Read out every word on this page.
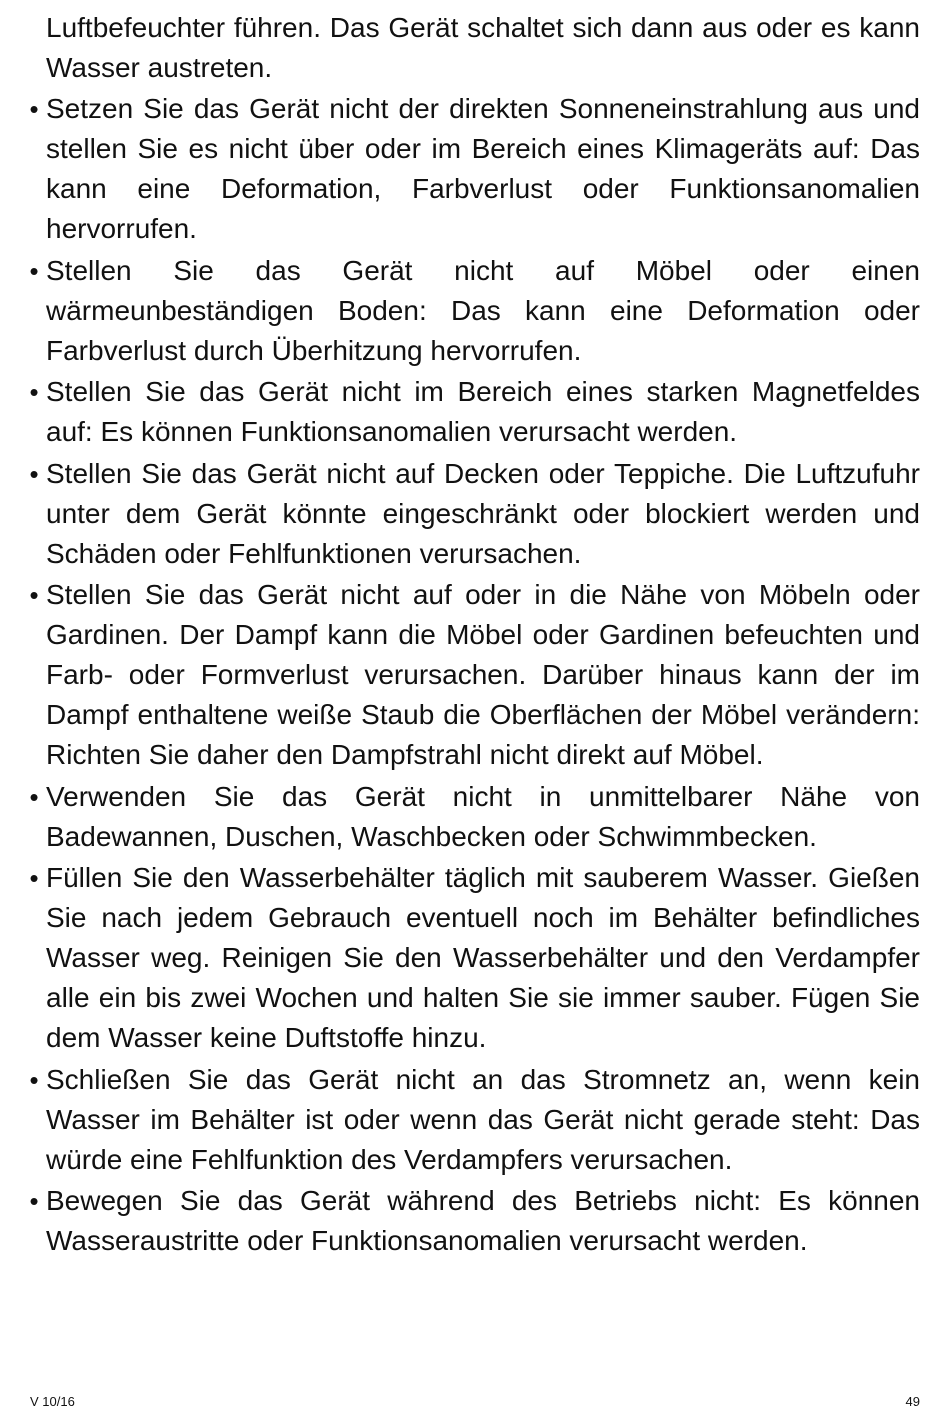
Luftbefeuchter führen. Das Gerät schaltet sich dann aus oder es kann Wasser austreten.

• Setzen Sie das Gerät nicht der direkten Sonneneinstrahlung aus und stellen Sie es nicht über oder im Bereich eines Klimageräts auf: Das kann eine Deformation, Farbverlust oder Funktionsanomalien hervorrufen.
• Stellen Sie das Gerät nicht auf Möbel oder einen wärmeunbeständigen Boden: Das kann eine Deformation oder Farbverlust durch Überhitzung hervorrufen.
• Stellen Sie das Gerät nicht im Bereich eines starken Magnetfeldes auf: Es können Funktionsanomalien verursacht werden.
• Stellen Sie das Gerät nicht auf Decken oder Teppiche. Die Luftzufuhr unter dem Gerät könnte eingeschränkt oder blockiert werden und Schäden oder Fehlfunktionen verursachen.
• Stellen Sie das Gerät nicht auf oder in die Nähe von Möbeln oder Gardinen. Der Dampf kann die Möbel oder Gardinen befeuchten und Farb- oder Formverlust verursachen. Darüber hinaus kann der im Dampf enthaltene weiße Staub die Oberflächen der Möbel verändern: Richten Sie daher den Dampfstrahl nicht direkt auf Möbel.
• Verwenden Sie das Gerät nicht in unmittelbarer Nähe von Badewannen, Duschen, Waschbecken oder Schwimmbecken.
• Füllen Sie den Wasserbehälter täglich mit sauberem Wasser. Gießen Sie nach jedem Gebrauch eventuell noch im Behälter befindliches Wasser weg. Reinigen Sie den Wasserbehälter und den Verdampfer alle ein bis zwei Wochen und halten Sie sie immer sauber. Fügen Sie dem Wasser keine Duftstoffe hinzu.
• Schließen Sie das Gerät nicht an das Stromnetz an, wenn kein Wasser im Behälter ist oder wenn das Gerät nicht gerade steht: Das würde eine Fehlfunktion des Verdampfers verursachen.
• Bewegen Sie das Gerät während des Betriebs nicht: Es können Wasseraustritte oder Funktionsanomalien verursacht werden.
V 10/16	49
